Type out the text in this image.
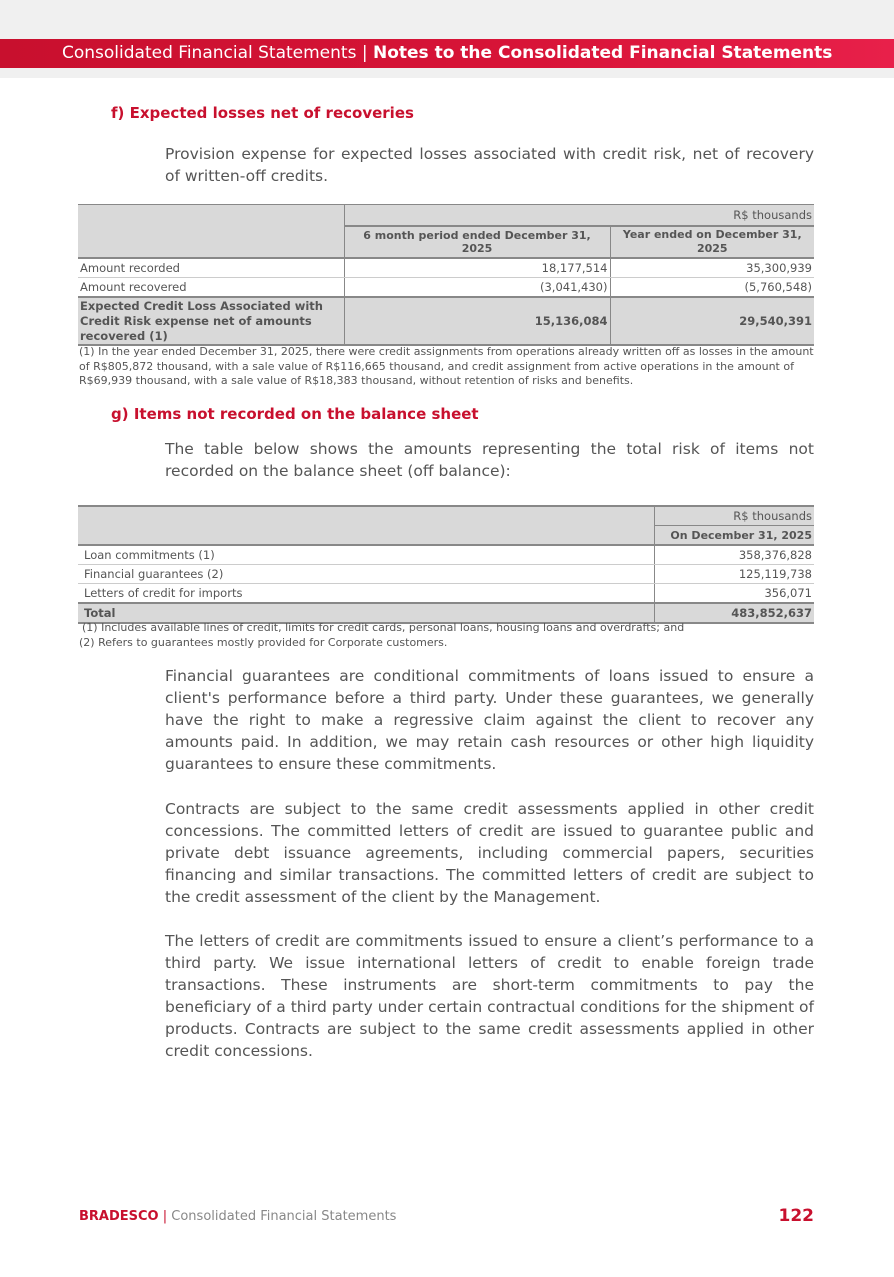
Consolidated Financial Statements | Notes to the Consolidated Financial Statements
f) Expected losses net of recoveries

Provision expense for expected losses associated with credit risk, net of recovery of written-off credits.

		R$ thousands
	6 month period ended December 31, 2025	Year ended on December 31, 2025
Amount recorded	18,177,514	35,300,939
Amount recovered	(3,041,430)	(5,760,548)
Expected Credit Loss Associated with Credit Risk expense net of amounts recovered (1)	15,136,084	29,540,391

(1) In the year ended December 31, 2025, there were credit assignments from operations already written off as losses in the amount of R$805,872 thousand, with a sale value of R$116,665 thousand, and credit assignment from active operations in the amount of R$69,939 thousand, with a sale value of R$18,383 thousand, without retention of risks and benefits.

g) Items not recorded on the balance sheet

The table below shows the amounts representing the total risk of items not recorded on the balance sheet (off balance):

	R$ thousands
	On December 31, 2025
Loan commitments (1)	358,376,828
Financial guarantees (2)	125,119,738
Letters of credit for imports	356,071
Total	483,852,637

(1) Includes available lines of credit, limits for credit cards, personal loans, housing loans and overdrafts; and

(2) Refers to guarantees mostly provided for Corporate customers.

Financial guarantees are conditional commitments of loans issued to ensure a client's performance before a third party. Under these guarantees, we generally have the right to make a regressive claim against the client to recover any amounts paid. In addition, we may retain cash resources or other high liquidity guarantees to ensure these commitments.

Contracts are subject to the same credit assessments applied in other credit concessions. The committed letters of credit are issued to guarantee public and private debt issuance agreements, including commercial papers, securities financing and similar transactions. The committed letters of credit are subject to the credit assessment of the client by the Management.

The letters of credit are commitments issued to ensure a client’s performance to a third party. We issue international letters of credit to enable foreign trade transactions. These instruments are short-term commitments to pay the beneficiary of a third party under certain contractual conditions for the shipment of products. Contracts are subject to the same credit assessments applied in other credit concessions.

BRADESCO | Consolidated Financial Statements	122
